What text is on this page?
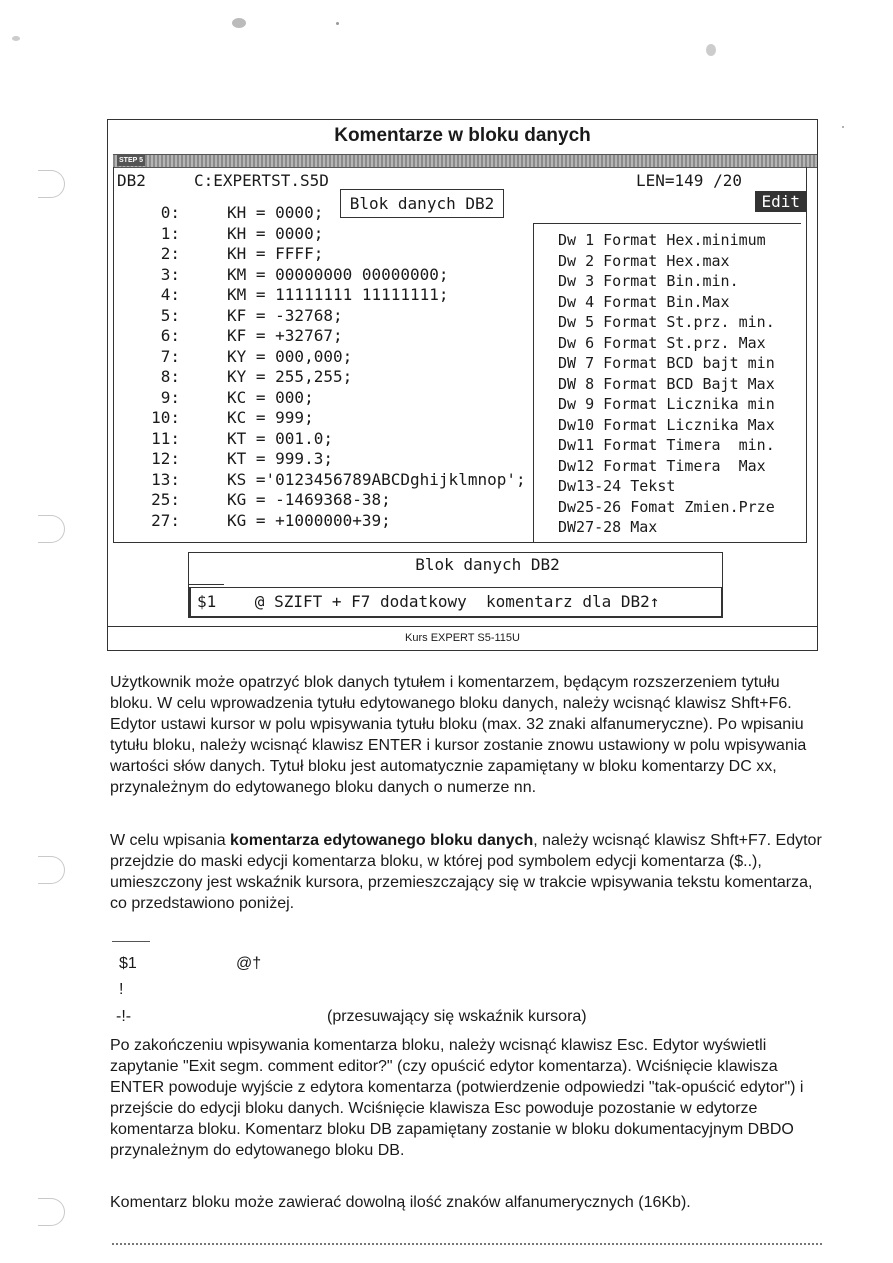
Komentarze w bloku danych
STEP 5
DB2	C:EXPERTST.S5D	LEN=149 /20
Edit
Blok danych DB2
0:	KH = 0000;
1:	KH = 0000;
2:	KH = FFFF;
3:	KM = 00000000 00000000;
4:	KM = 11111111 11111111;
5:	KF = -32768;
6:	KF = +32767;
7:	KY = 000,000;
8:	KY = 255,255;
9:	KC = 000;
10:	KC = 999;
11:	KT = 001.0;
12:	KT = 999.3;
13:	KS ='0123456789ABCDghijklmnop';
25:	KG = -1469368-38;
27:	KG = +1000000+39;
Dw 1 Format Hex.minimum
Dw 2 Format Hex.max
Dw 3 Format Bin.min.
Dw 4 Format Bin.Max
Dw 5 Format St.prz. min.
Dw 6 Format St.prz. Max
DW 7 Format BCD bajt min
DW 8 Format BCD Bajt Max
Dw 9 Format Licznika min
Dw10 Format Licznika Max
Dw11 Format Timera  min.
Dw12 Format Timera  Max
Dw13-24 Tekst
Dw25-26 Fomat Zmien.Prze
DW27-28 Max
Blok danych DB2
$1    @ SZIFT + F7 dodatkowy  komentarz dla DB2↑
Kurs EXPERT S5-115U
Użytkownik może opatrzyć blok danych tytułem i komentarzem, będącym rozszerzeniem tytułu bloku. W celu wprowadzenia tytułu edytowanego bloku danych, należy wcisnąć klawisz Shft+F6. Edytor ustawi kursor w polu wpisywania tytułu bloku (max. 32 znaki alfanumeryczne). Po wpisaniu tytułu bloku, należy wcisnąć klawisz ENTER i kursor zostanie znowu ustawiony w polu wpisywania wartości słów danych. Tytuł bloku jest automatycznie zapamiętany w bloku komentarzy DC xx, przynależnym do edytowanego bloku danych o numerze nn.
W celu wpisania komentarza edytowanego bloku danych, należy wcisnąć klawisz Shft+F7. Edytor przejdzie do maski edycji komentarza bloku, w której pod symbolem edycji komentarza ($..), umieszczony jest wskaźnik kursora, przemieszczający się w trakcie wpisywania tekstu komentarza, co przedstawiono poniżej.
$1	@†
!
-!-	(przesuwający się wskaźnik kursora)
Po zakończeniu wpisywania komentarza bloku, należy wcisnąć klawisz Esc. Edytor wyświetli zapytanie "Exit segm. comment editor?" (czy opuścić edytor komentarza). Wciśnięcie klawisza ENTER powoduje wyjście z edytora komentarza (potwierdzenie odpowiedzi "tak-opuścić edytor") i przejście do edycji bloku danych. Wciśnięcie klawisza Esc powoduje pozostanie w edytorze komentarza bloku. Komentarz bloku DB zapamiętany zostanie w bloku dokumentacyjnym DBDO przynależnym do edytowanego bloku DB.
Komentarz bloku może zawierać dowolną ilość znaków alfanumerycznych (16Kb).
